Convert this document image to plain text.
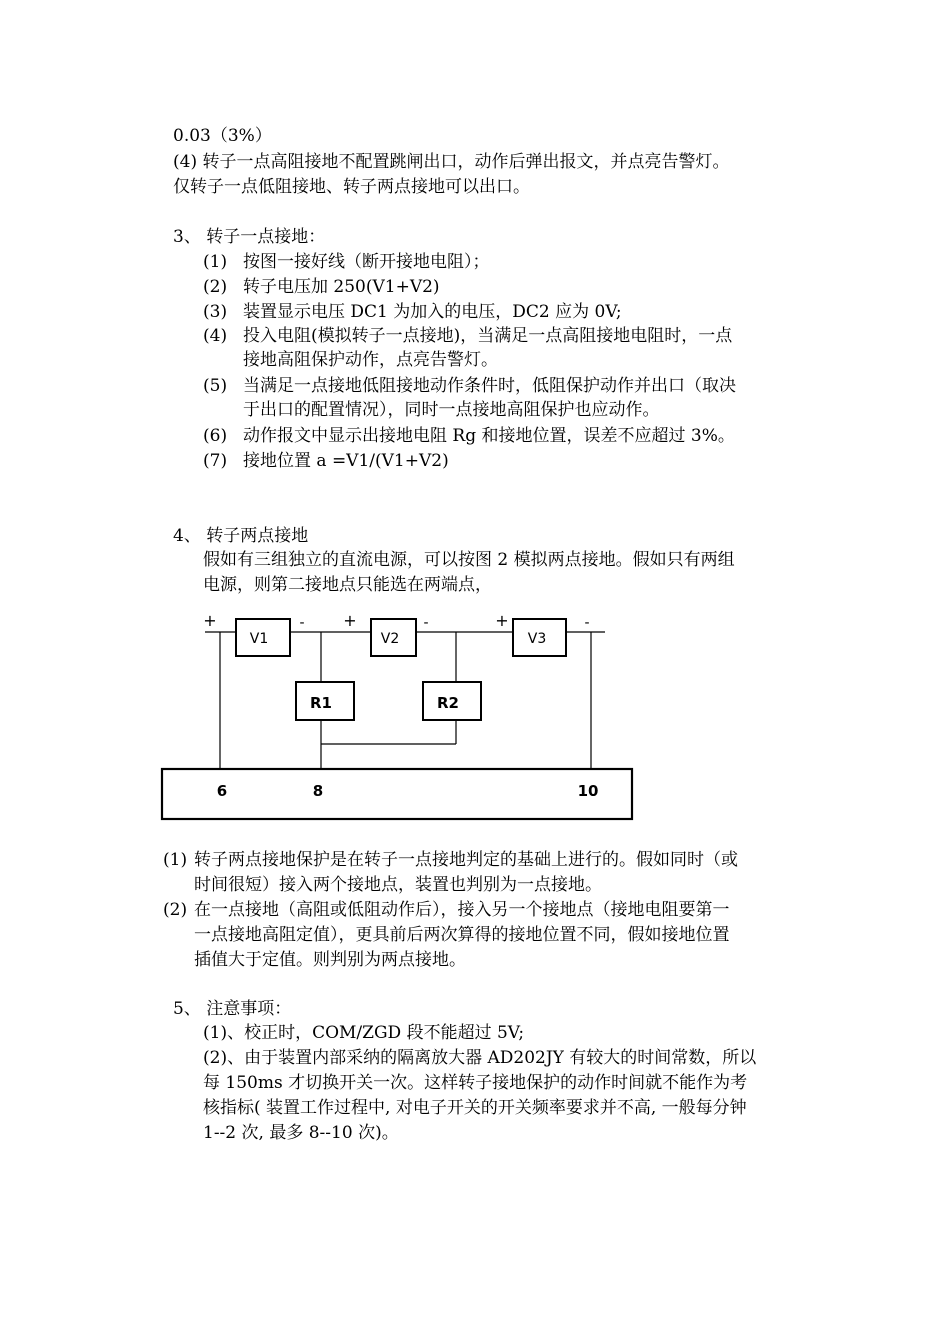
0.03（3%）
(4) 转子一点高阻接地不配置跳闸出口，动作后弹出报文，并点亮告警灯。
仅转子一点低阻接地、转子两点接地可以出口。
3、 转子一点接地：
(1) 按图一接好线（断开接地电阻）；
(2) 转子电压加 250(V1+V2)
(3) 装置显示电压 DC1 为加入的电压，DC2 应为 0V;
(4) 投入电阻(模拟转子一点接地)，当满足一点高阻接地电阻时，一点
接地高阻保护动作，点亮告警灯。
(5) 当满足一点接地低阻接地动作条件时，低阻保护动作并出口（取决
于出口的配置情况），同时一点接地高阻保护也应动作。
(6) 动作报文中显示出接地电阻 Rg 和接地位置，误差不应超过 3%。
(7) 接地位置 a =V1/(V1+V2)
4、 转子两点接地
假如有三组独立的直流电源，可以按图 2 模拟两点接地。假如只有两组
电源，则第二接地点只能选在两端点，
+	- +	-	+	-
V1	V2	V3
R1	R2
6	8	10
(1) 转子两点接地保护是在转子一点接地判定的基础上进行的。假如同时（或
时间很短）接入两个接地点，装置也判别为一点接地。
(2) 在一点接地（高阻或低阻动作后），接入另一个接地点（接地电阻要第一
一点接地高阻定值），更具前后两次算得的接地位置不同，假如接地位置
插值大于定值。则判别为两点接地。
5、 注意事项：
(1)、校正时，COM/ZGD 段不能超过 5V;
(2)、由于装置内部采纳的隔离放大器 AD202JY 有较大的时间常数，所以
每 150ms 才切换开关一次。这样转子接地保护的动作时间就不能作为考
核指标( 装置工作过程中, 对电子开关的开关频率要求并不高, 一般每分钟
1--2 次, 最多 8--10 次)。
